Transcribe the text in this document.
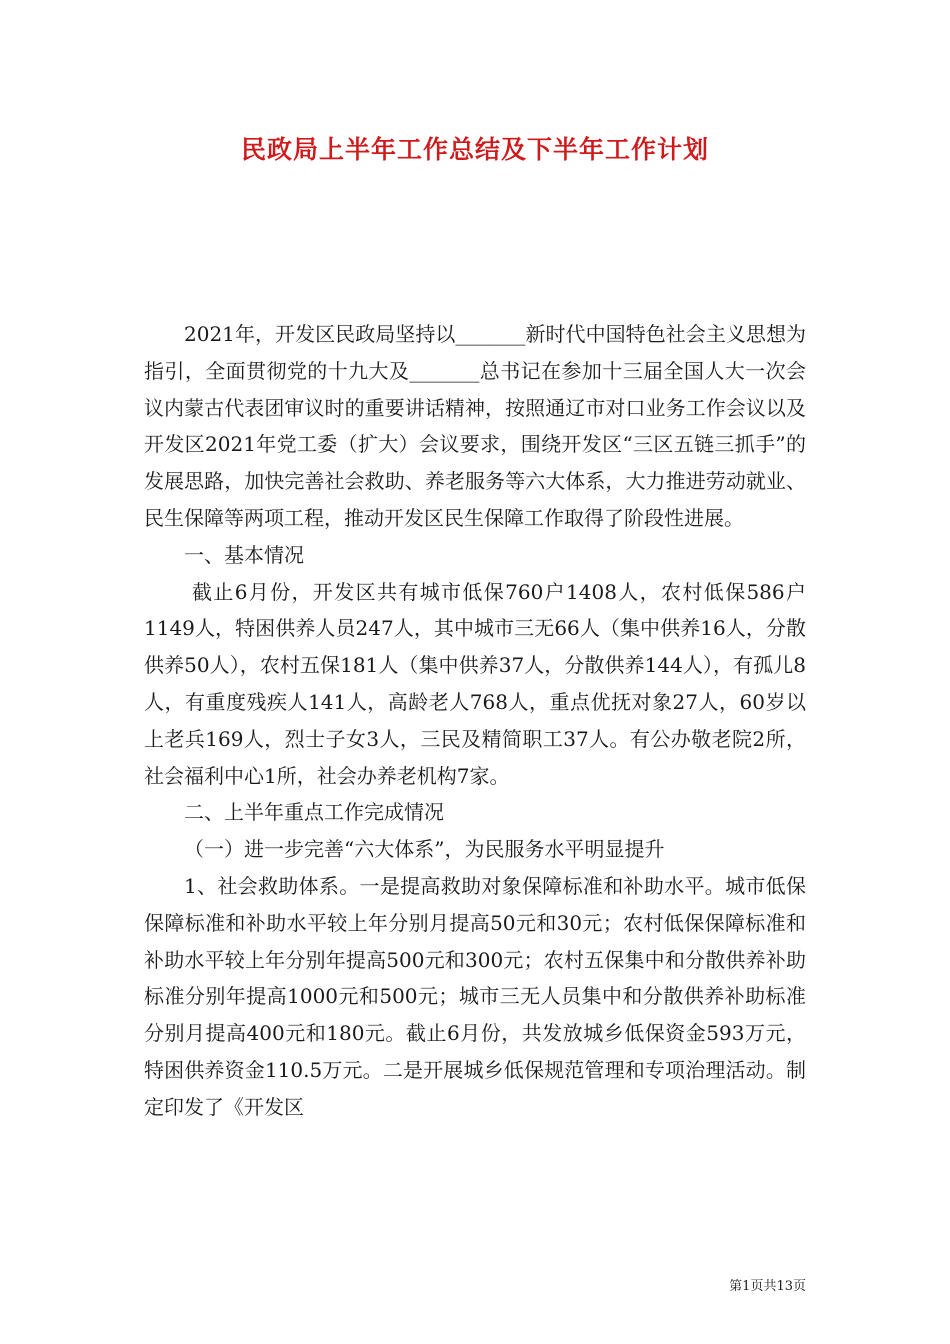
民政局上半年工作总结及下半年工作计划

2021年，开发区民政局坚持以_______新时代中国特色社会主义思想为指引，全面贯彻党的十九大及_______总书记在参加十三届全国人大一次会议内蒙古代表团审议时的重要讲话精神，按照通辽市对口业务工作会议以及开发区2021年党工委（扩大）会议要求，围绕开发区“三区五链三抓手”的发展思路，加快完善社会救助、养老服务等六大体系，大力推进劳动就业、民生保障等两项工程，推动开发区民生保障工作取得了阶段性进展。

一、基本情况

截止6月份，开发区共有城市低保760户1408人，农村低保586户1149人，特困供养人员247人，其中城市三无66人（集中供养16人，分散供养50人），农村五保181人（集中供养37人，分散供养144人），有孤儿8人，有重度残疾人141人，高龄老人768人，重点优抚对象27人，60岁以上老兵169人，烈士子女3人，三民及精简职工37人。有公办敬老院2所，社会福利中心1所，社会办养老机构7家。

二、上半年重点工作完成情况

（一）进一步完善“六大体系”，为民服务水平明显提升

1、社会救助体系。一是提高救助对象保障标准和补助水平。城市低保保障标准和补助水平较上年分别月提高50元和30元；农村低保保障标准和补助水平较上年分别年提高500元和300元；农村五保集中和分散供养补助标准分别年提高1000元和500元；城市三无人员集中和分散供养补助标准分别月提高400元和180元。截止6月份，共发放城乡低保资金593万元，特困供养资金110.5万元。二是开展城乡低保规范管理和专项治理活动。制定印发了《开发区

第1页共13页
